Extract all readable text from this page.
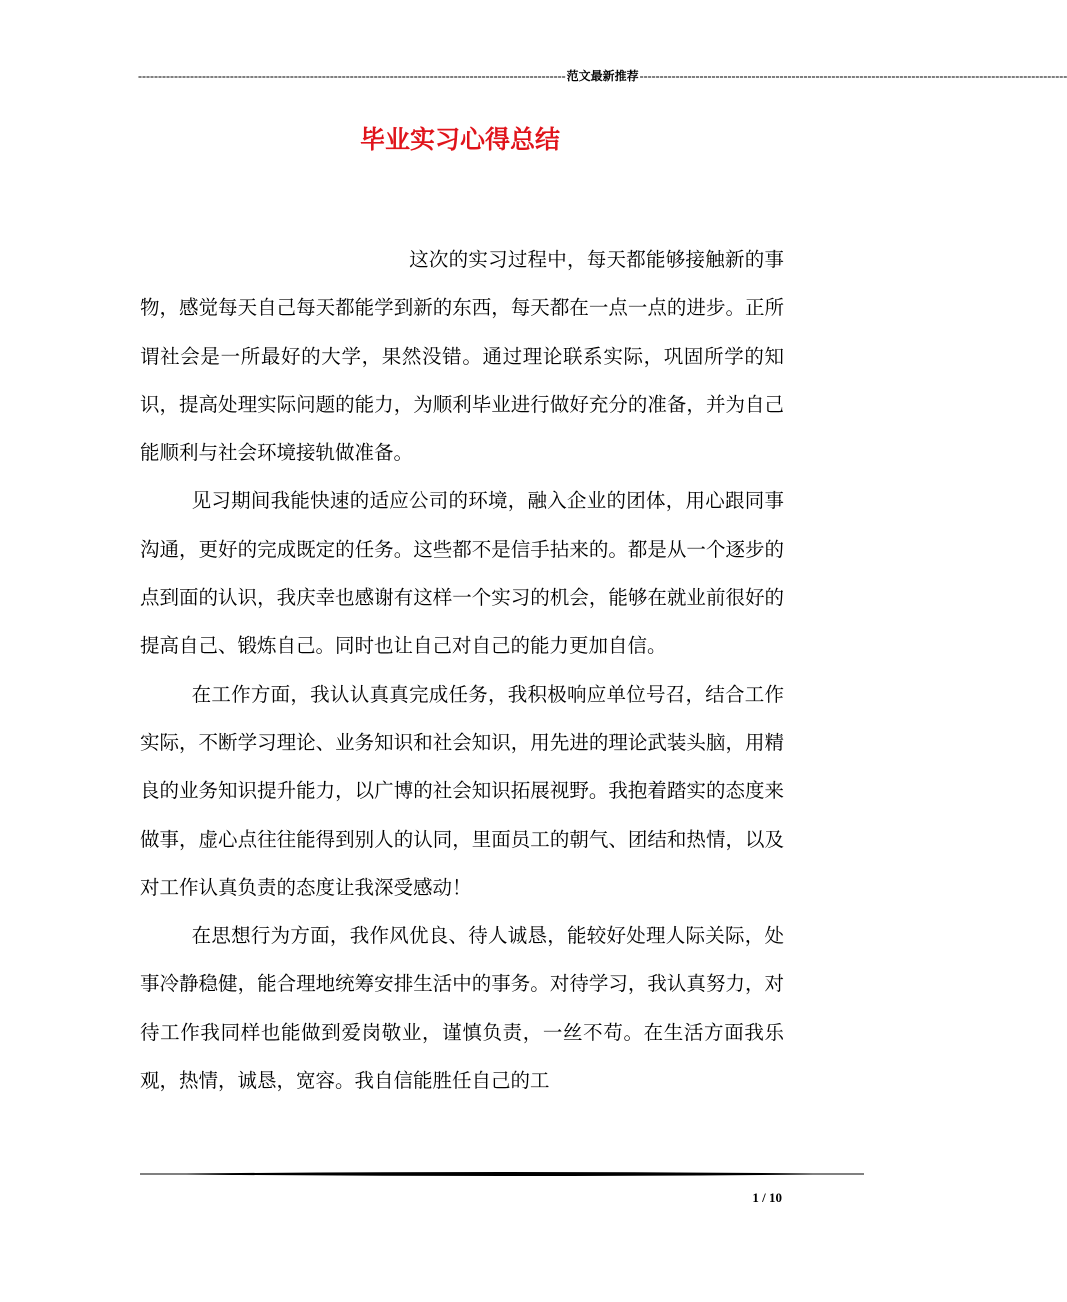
----------------------------------------------------------------------------------------------------------- 范文最新推荐 -----------------------------------------------------------------------------------------------------------
毕业实习心得总结

这次的实习过程中，每天都能够接触新的事物，感觉每天自己每天都能学到新的东西，每天都在一点一点的进步。正所谓社会是一所最好的大学，果然没错。通过理论联系实际，巩固所学的知识，提高处理实际问题的能力，为顺利毕业进行做好充分的准备，并为自己能顺利与社会环境接轨做准备。

见习期间我能快速的适应公司的环境，融入企业的团体，用心跟同事沟通，更好的完成既定的任务。这些都不是信手拈来的。都是从一个逐步的点到面的认识，我庆幸也感谢有这样一个实习的机会，能够在就业前很好的提高自己、锻炼自己。同时也让自己对自己的能力更加自信。

在工作方面，我认认真真完成任务，我积极响应单位号召，结合工作实际，不断学习理论、业务知识和社会知识，用先进的理论武装头脑，用精良的业务知识提升能力，以广博的社会知识拓展视野。我抱着踏实的态度来做事，虚心点往往能得到别人的认同，里面员工的朝气、团结和热情，以及对工作认真负责的态度让我深受感动！

在思想行为方面，我作风优良、待人诚恳，能较好处理人际关际，处事冷静稳健，能合理地统筹安排生活中的事务。对待学习，我认真努力，对待工作我同样也能做到爱岗敬业，谨慎负责，一丝不苟。在生活方面我乐观，热情，诚恳，宽容。我自信能胜任自己的工

1 / 10
